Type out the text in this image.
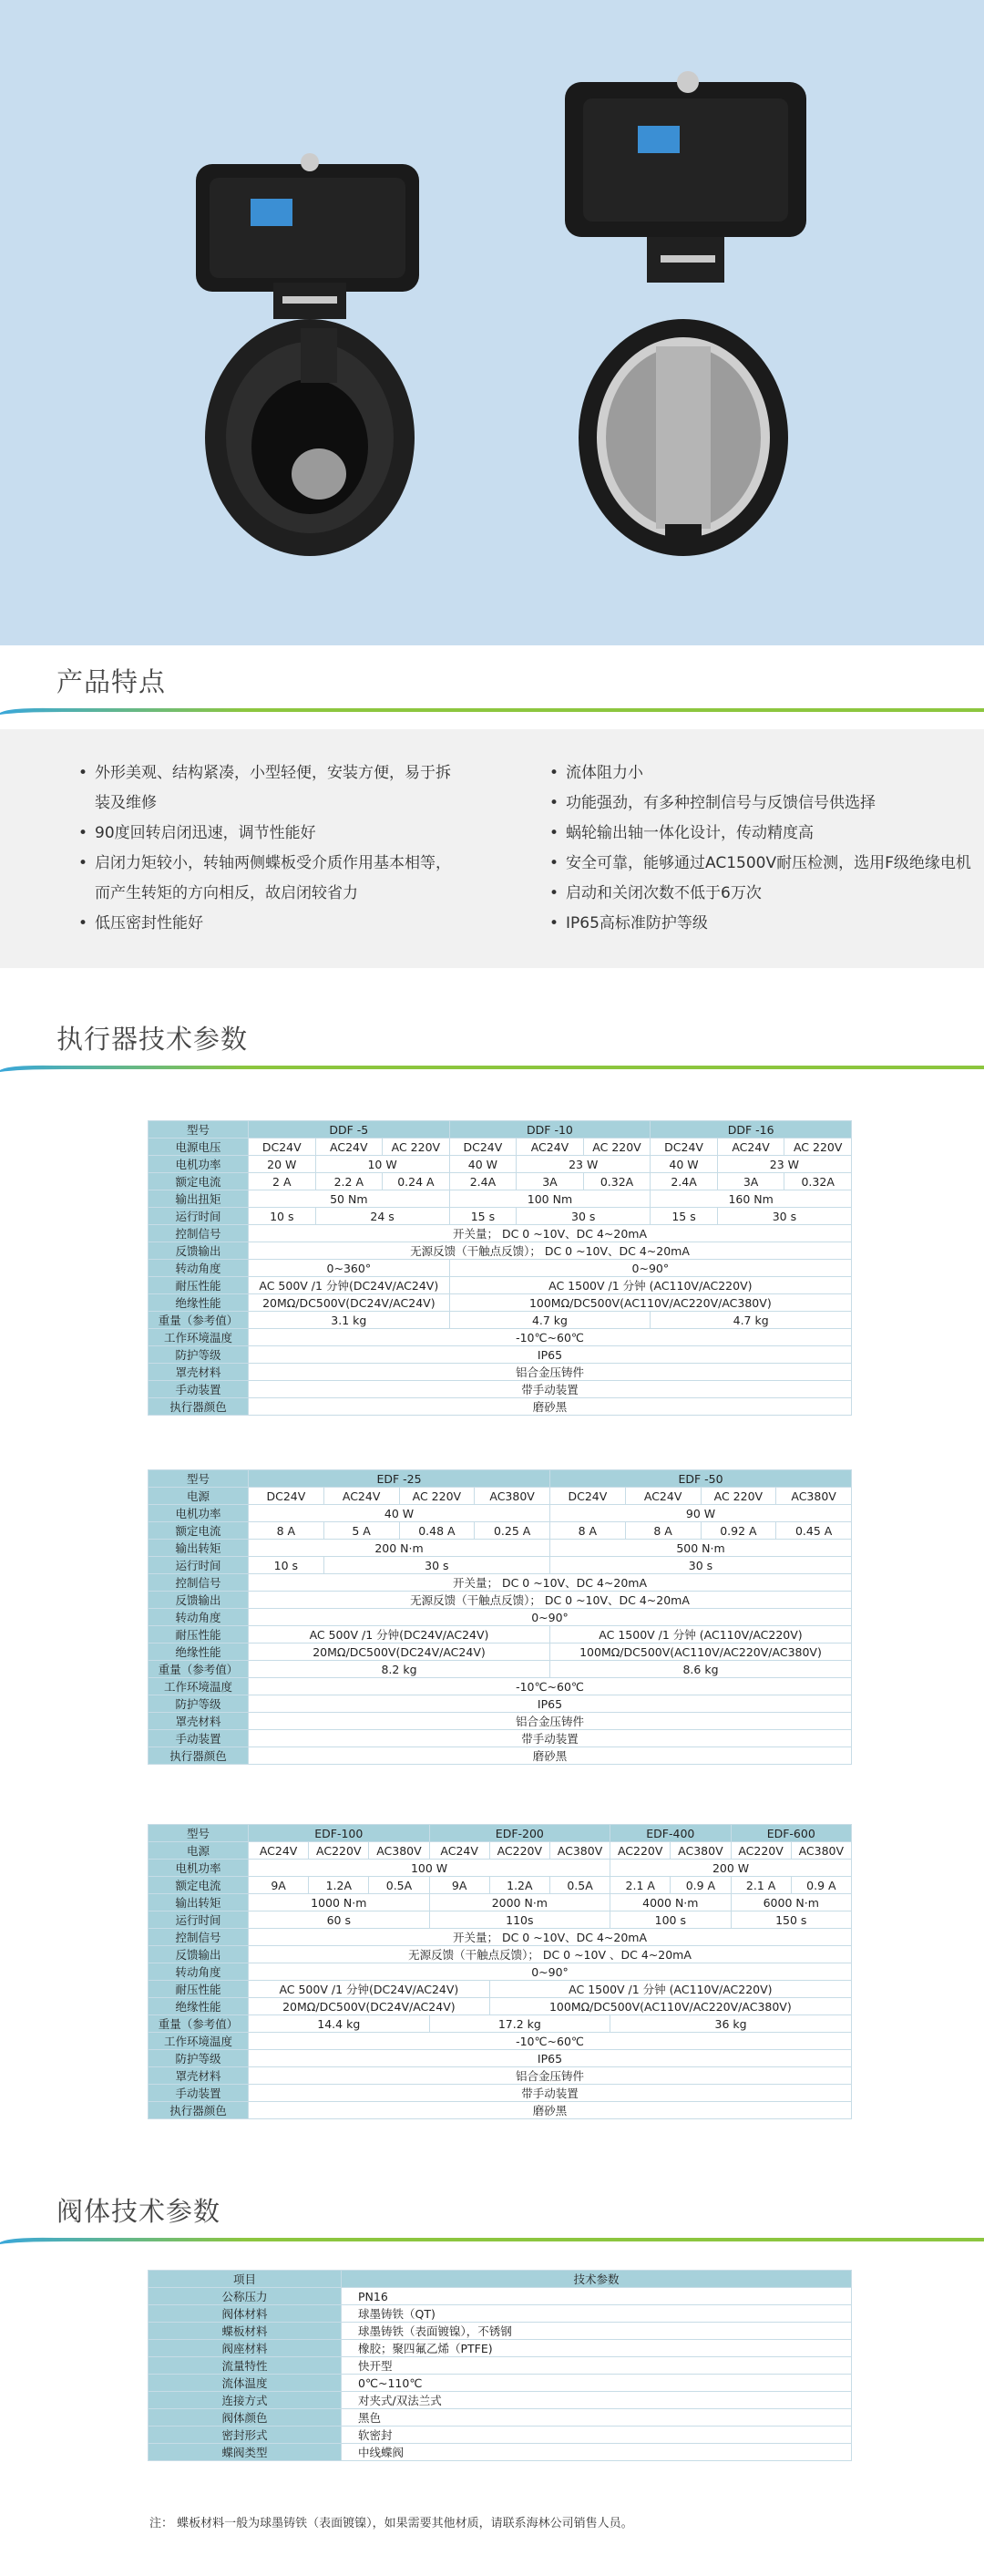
产品特点
• 外形美观、结构紧凑，小型轻便，安装方便，易于拆
装及维修
• 90度回转启闭迅速，调节性能好
• 启闭力矩较小，转轴两侧蝶板受介质作用基本相等，
而产生转矩的方向相反，故启闭较省力
• 低压密封性能好
• 流体阻力小
• 功能强劲，有多种控制信号与反馈信号供选择
• 蜗轮输出轴一体化设计，传动精度高
• 安全可靠，能够通过AC1500V耐压检测，选用F级绝缘电机
• 启动和关闭次数不低于6万次
• IP65高标准防护等级
执行器技术参数
型号	DDF -5			DDF -10			DDF -16		
电源电压	DC24V	AC24V	AC 220V	DC24V	AC24V	AC 220V	DC24V	AC24V	AC 220V
电机功率	20 W	10 W		40 W	23 W		40 W	23 W	
额定电流	2 A	2.2 A	0.24 A	2.4A	3A	0.32A	2.4A	3A	0.32A
输出扭矩	50 Nm			100 Nm			160 Nm		
运行时间	10 s	24 s		15 s	30 s		15 s	30 s	
控制信号	开关量； DC 0 ~10V、DC 4~20mA								
反馈输出	无源反馈（干触点反馈）； DC 0 ~10V、DC 4~20mA								
转动角度	0~360°			0~90°					
耐压性能	AC 500V /1 分钟(DC24V/AC24V)			AC 1500V /1 分钟 (AC110V/AC220V)					
绝缘性能	20MΩ/DC500V(DC24V/AC24V)			100MΩ/DC500V(AC110V/AC220V/AC380V)					
重量（参考值）	3.1 kg			4.7 kg			4.7 kg		
工作环境温度	-10℃~60℃								
防护等级	IP65								
罩壳材料	铝合金压铸件								
手动装置	带手动装置								
执行器颜色	磨砂黑								
型号	EDF -25				EDF -50			
电源	DC24V	AC24V	AC 220V	AC380V	DC24V	AC24V	AC 220V	AC380V
电机功率	40 W				90 W			
额定电流	8 A	5 A	0.48 A	0.25 A	8 A	8 A	0.92 A	0.45 A
输出转矩	200 N·m				500 N·m			
运行时间	10 s	30 s			30 s			
控制信号	开关量； DC 0 ~10V、DC 4~20mA							
反馈输出	无源反馈（干触点反馈）； DC 0 ~10V、DC 4~20mA							
转动角度	0~90°							
耐压性能	AC 500V /1 分钟(DC24V/AC24V)				AC 1500V /1 分钟 (AC110V/AC220V)			
绝缘性能	20MΩ/DC500V(DC24V/AC24V)				100MΩ/DC500V(AC110V/AC220V/AC380V)			
重量（参考值）	8.2 kg				8.6 kg			
工作环境温度	-10℃~60℃							
防护等级	IP65							
罩壳材料	铝合金压铸件							
手动装置	带手动装置							
执行器颜色	磨砂黑							
型号	EDF-100			EDF-200			EDF-400		EDF-600	
电源	AC24V	AC220V	AC380V	AC24V	AC220V	AC380V	AC220V	AC380V	AC220V	AC380V
电机功率	100 W						200 W			
额定电流	9A	1.2A	0.5A	9A	1.2A	0.5A	2.1 A	0.9 A	2.1 A	0.9 A
输出转矩	1000 N·m			2000 N·m			4000 N·m		6000 N·m	
运行时间	60 s			110s			100 s		150 s	
控制信号	开关量； DC 0 ~10V、DC 4~20mA									
反馈输出	无源反馈（干触点反馈）； DC 0 ~10V 、DC 4~20mA									
转动角度	0~90°									
耐压性能	AC 500V /1 分钟(DC24V/AC24V)				AC 1500V /1 分钟 (AC110V/AC220V)					
绝缘性能	20MΩ/DC500V(DC24V/AC24V)				100MΩ/DC500V(AC110V/AC220V/AC380V)					
重量（参考值）	14.4 kg			17.2 kg			36 kg			
工作环境温度	-10℃~60℃									
防护等级	IP65									
罩壳材料	铝合金压铸件									
手动装置	带手动装置									
执行器颜色	磨砂黑									
阀体技术参数
项目	技术参数
公称压力	PN16
阀体材料	球墨铸铁（QT)
蝶板材料	球墨铸铁（表面镀镍），不锈钢
阀座材料	橡胶；聚四氟乙烯（PTFE)
流量特性	快开型
流体温度	0℃~110℃
连接方式	对夹式/双法兰式
阀体颜色	黑色
密封形式	软密封
蝶阀类型	中线蝶阀
注： 蝶板材料一般为球墨铸铁（表面镀镍），如果需要其他材质，请联系海林公司销售人员。
